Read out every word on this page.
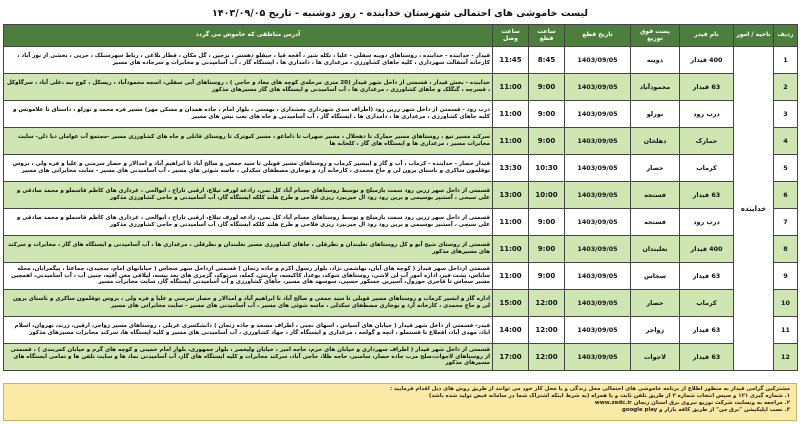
لیست خاموشی های احتمالی شهرستان خدابنده - روز دوشنبه - تاریخ ۱۴۰۳/۰۹/۰۵
ردیف	ناحیه / امور	نام فیدر	پست فوق توزیع	تاریخ قطع	ساعت قطع	ساعت وصل	آدرس مناطقی که خاموش می گردد
1	خدابنده	400 قیدار	دوینه	1403/09/05	8:45	11:45	قیدار - خدابنده - خدابنده ، روستاهای دوینه سفلی - علیا ، تکله شیر ، آقجه قیا ، جیقلو دهستر ، برجین ، گل مکان ، قطار بلاغی ، رباط سهرسنلک ، حریی ، بخشی از نور آباد ، کارخانه آسفالت سهرداری ، کلیه جاهای کشاورزی ، مرغداری ها ، دامداری ها ، ایستگاه گاز ، آب آسامیدنی و مخابرات و سرجاده های مسیر
2		63 قیدار	محمودآباد	1403/09/05	9:00	11:00	خدابنده - بخش قیدار ، قسمتی از داخل شهر قیدار (20 متری مرحله‌ی کوچه های معاد و حاجی ) ، روستاهای آبی سفلی، اسجه محمودآباد ، ریسکل ، کوچ نبه ،علی آباد ، سرگاوکل ، قسرچه ، گنگلک و جاهای کشاورزی ، مرغداری ها ، آب آسامیدنی و ایستگاه های گاز مسیرهای مذکور
3		درب رود	نورلو	1403/09/05	9:00	11:00	درب رود - قسمتی از داخل شهر زرین رود (اطراف سدی شهرداری بخشداری ، بهستی ، بلوار امام ، جاده همدان و مسکن مهر) مسیر فره محمد و نورلو ، داستاق تا علامونس و کلیه جاهای کشاورزی ، مرغداری ها ، دامداری ها ، ایستگاه گاز ، آب آسامیدنی و جاه های بعب نیس های مسیر
4		حمارک	دهلخان	1403/09/05	9:00	11:00	سرکند مسیر تیغ ، روستاهای مسیر حمارک تا دهخلال ، مسیر سهراب تا داماغو ، مسیر کبوترک تا روستای قانلی و جاه های کشاورزی مسیر -مجتمع آب عوامان دیا ذلن- سایت مخابرات مسیر ، مرغداری ها و ایستگاه های گاز ، کلخانه ها
5		کرماب	حصار	1403/09/05	10:30	13:30	قیدار حصار - خدابنده - کرماب ، آب و گاز و ابیسیر کرماب و روستاهای مسیر قوبلی تا سید جمعی و صالح آباد تا ابراهیم آباد و امدالار و حصار سرمنی و علیا و فره ولی ، بروس توقلمون ساکری و ناستای برون لی و حاج محمدی ، کارخانه آرد و بوخاری مصطفای سکدلی ، ماسه شوئی های مسیر ، آب آسامیدنی های مسیر - سایت مخابراتی های مسیر
6		63 قیدار	قستجه	1403/09/05	10:00	13:00	قسمتی از داخل سهر زرین رود سمت بازمیلح و توسط روستاهای جسام آباد کل نمی، زادعه لورف تیلاع، ارقبی تاراج ، ابوالحی ، غرداری های کاظم قاسملو و محمد صادقی و علی سبحی ، آستنپر بوسیمی و برین رود رود ال جیرنیزد ریزی فلاحی و طرح هلند کلکه ایستگاه گاز، آب آسامیدنی و حاجی کشاورزی مذکور
7		درب رود	قستجه	1403/09/05	9:00	11:00	قسمتی از داخل سهر زرین رود سمت بازمیلح و توسط روستاهای جسام آباد کل نمی، زادعه لورف تیلاع، ارقبی تاراج ، ابوالحی ، غرداری های کاظم قاسملو و محمد صادقی و علی سبحی ، آستنپر بوسیمی و برین رود رود ال جیرنیزد ریزی فلاحی و طرح هلند کلکه ایستگاه گاز، آب آسامیدنی و حاجی کشاورزی مذکور
8		400 قیدار	نعلبندان	1403/09/05	9:00	11:00	قسمتی از روستای شیح آبو و کل روستاهای نعلبندان و نظرقلی ، جاهای کشاورزی مسیر نعلبندان و نظرقلی ، مرغداری ها ، آب آسامیدنی و ایستگاه های گاز ، مخابرات و سرکند های مسیرهای مذکور
9		63 قیدار	سجاس	1403/09/05	9:00	11:00	قسمتی ازداخل سهر قیدار ( کوچه های آبان، بهاشمی نژاد، بلوار رسول اکرم و جاده زنجان ) قسمتی ازداخل سهر سجاس ( خیابانهای امام، سجیدی، جماعتا ، پیگمرانان، محله ساباس، پشت فیر، اداره امور آب لی لاشی، روستاهای شوکد، بوغدا، کاکیسه، چاریش، کمله، سرنوکد، گرمزی های بعد نیسه، لیلاقی معن آقیه، جنپی آب ، آب آسامیدنی، اهمچین مسیر سجاس تا قاجری حورول، آسیرین خسکور حسپی، سوسهد های مسیر، جاهای کشاورزی و آب آسامیدنی ایستگاه گاز، سایت مخابرات مسیر
10		کرماب	حصار	1403/09/05	12:00	15:00	اداره گاز و ابسیر کرماب و روستاهای مسیر قوبلی تا سید جمعی و صالح آباد تا ابراهیم آباد و امدالار و حصار سرمنی و علیا و فره ولی ، بروس توقلمون ساکری و ناستای برون لی و حاج محمدی ، کارخانه آرد و بوخاری مصطفای سکدلی ، ماسه شوئی های مسیر ، آب آسامیدنی های مسیر - سایت مخابراتی های مسیر
11		63 قیدار	زواجر	1403/09/05	12:00	14:00	قیدر- قسمتی از داخل شهر قیدار ( خیابان های آسیاس ، اسهای نجبی ، اطراف مسجد و جاده زنجان ) دانشکسری غربلی ، روستاهای مسیر زواجر، ارقین، زرند، نهروان، اسلام اباد، مهدی آباد، اقملاغ تا قستملو ، انچه و گولجه ، مرغداری و ایستگاه گاز ، جهاد کشاورزی ، آب آسامیدنی های مسیر و کلیه ایستگاه ها، سرکند مخابرات مسیرهای مذکور
12		63 قیدار	لاجوات	1403/09/05	12:00	17:00	قسمتی از داخل شهر قیدار ( اطراف سهرداری و خیابان های حرم، حاجه امیر ، خیابان ولیعصر ، بلوار جمهوری، بلوار امام خمینی و کوچه های گرم و خیابان کمربندی ) ، قسمتی از روستاهای لاجوات،صلح مرب جاده حصار، سامنیر، حاجه طلا، حاجی آباد، سرکند مخابرات و کلیه ایستگاه های گاز، آب آسامیدنی نماد ها و سایت تلفن ها و تمامی ایستگاه های مسیرهای مذکور
مشترکین گرامی قیدار به منظور اطلاع از برنامه خاموشی های احتمالی محل زندگی و یا محل کار خود می توانند از طریق روش های ذیل اقدام فرمایید :
۱. شماره گیری ۱۲۱ و سپس انتخاب شماره ۲ از طریق تلفن ثابت و یا همراه (به شرط اینکه اشتراک شما در سامانه فیض تولید شده باشد)
۲. مراجعه به وبسایت شرکت توزیع نیروی برق استان زنجان www.zedc.ir
۳. نصب اپلیکیشن "برق من" از طریق کافه بازار و google play
